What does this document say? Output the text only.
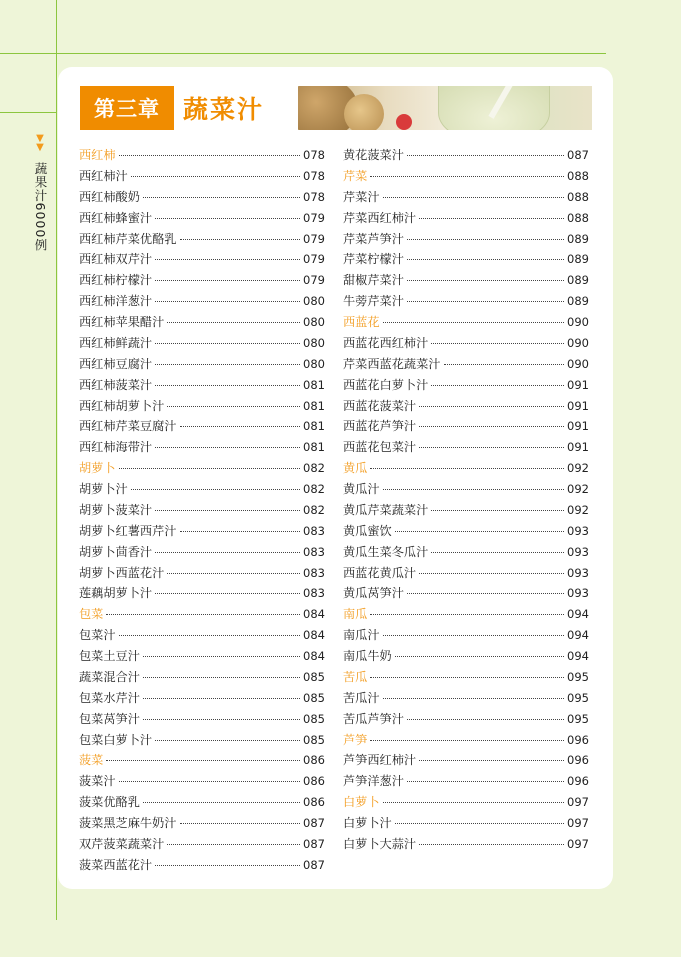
▼
▼
蔬果汁6000例
第三章 蔬菜汁
西红柿	078
西红柿汁	078
西红柿酸奶	078
西红柿蜂蜜汁	079
西红柿芹菜优酪乳	079
西红柿双芹汁	079
西红柿柠檬汁	079
西红柿洋葱汁	080
西红柿苹果醋汁	080
西红柿鲜蔬汁	080
西红柿豆腐汁	080
西红柿菠菜汁	081
西红柿胡萝卜汁	081
西红柿芹菜豆腐汁	081
西红柿海带汁	081
胡萝卜	082
胡萝卜汁	082
胡萝卜菠菜汁	082
胡萝卜红薯西芹汁	083
胡萝卜茴香汁	083
胡萝卜西蓝花汁	083
莲藕胡萝卜汁	083
包菜	084
包菜汁	084
包菜土豆汁	084
蔬菜混合汁	085
包菜水芹汁	085
包菜莴笋汁	085
包菜白萝卜汁	085
菠菜	086
菠菜汁	086
菠菜优酪乳	086
菠菜黑芝麻牛奶汁	087
双芹菠菜蔬菜汁	087
菠菜西蓝花汁	087
黄花菠菜汁	087
芹菜	088
芹菜汁	088
芹菜西红柿汁	088
芹菜芦笋汁	089
芹菜柠檬汁	089
甜椒芹菜汁	089
牛蒡芹菜汁	089
西蓝花	090
西蓝花西红柿汁	090
芹菜西蓝花蔬菜汁	090
西蓝花白萝卜汁	091
西蓝花菠菜汁	091
西蓝花芦笋汁	091
西蓝花包菜汁	091
黄瓜	092
黄瓜汁	092
黄瓜芹菜蔬菜汁	092
黄瓜蜜饮	093
黄瓜生菜冬瓜汁	093
西蓝花黄瓜汁	093
黄瓜莴笋汁	093
南瓜	094
南瓜汁	094
南瓜牛奶	094
苦瓜	095
苦瓜汁	095
苦瓜芦笋汁	095
芦笋	096
芦笋西红柿汁	096
芦笋洋葱汁	096
白萝卜	097
白萝卜汁	097
白萝卜大蒜汁	097
